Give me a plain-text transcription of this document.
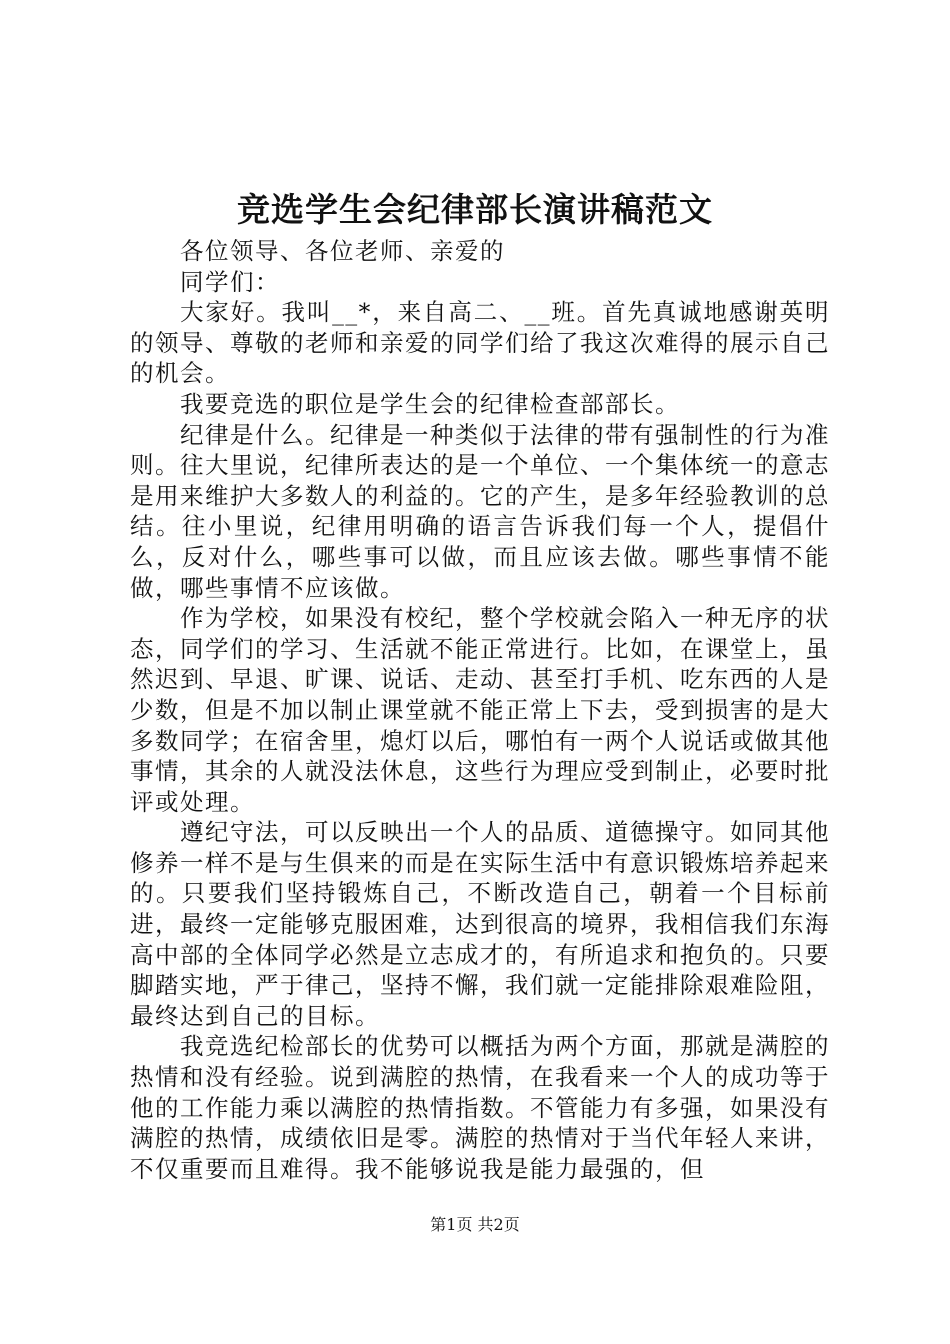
竞选学生会纪律部长演讲稿范文

各位领导、各位老师、亲爱的

同学们：

大家好。我叫__*，来自高二、__班。首先真诚地感谢英明的领导、尊敬的老师和亲爱的同学们给了我这次难得的展示自己的机会。

我要竞选的职位是学生会的纪律检查部部长。

纪律是什么。纪律是一种类似于法律的带有强制性的行为准则。往大里说，纪律所表达的是一个单位、一个集体统一的意志是用来维护大多数人的利益的。它的产生，是多年经验教训的总结。往小里说，纪律用明确的语言告诉我们每一个人，提倡什么，反对什么，哪些事可以做，而且应该去做。哪些事情不能做，哪些事情不应该做。

作为学校，如果没有校纪，整个学校就会陷入一种无序的状态，同学们的学习、生活就不能正常进行。比如，在课堂上，虽然迟到、早退、旷课、说话、走动、甚至打手机、吃东西的人是少数，但是不加以制止课堂就不能正常上下去，受到损害的是大多数同学；在宿舍里，熄灯以后，哪怕有一两个人说话或做其他事情，其余的人就没法休息，这些行为理应受到制止，必要时批评或处理。

遵纪守法，可以反映出一个人的品质、道德操守。如同其他修养一样不是与生俱来的而是在实际生活中有意识锻炼培养起来的。只要我们坚持锻炼自己，不断改造自己，朝着一个目标前进，最终一定能够克服困难，达到很高的境界，我相信我们东海高中部的全体同学必然是立志成才的，有所追求和抱负的。只要脚踏实地，严于律己，坚持不懈，我们就一定能排除艰难险阻，最终达到自己的目标。

我竞选纪检部长的优势可以概括为两个方面，那就是满腔的热情和没有经验。说到满腔的热情，在我看来一个人的成功等于他的工作能力乘以满腔的热情指数。不管能力有多强，如果没有满腔的热情，成绩依旧是零。满腔的热情对于当代年轻人来讲，不仅重要而且难得。我不能够说我是能力最强的，但

第1页 共2页
